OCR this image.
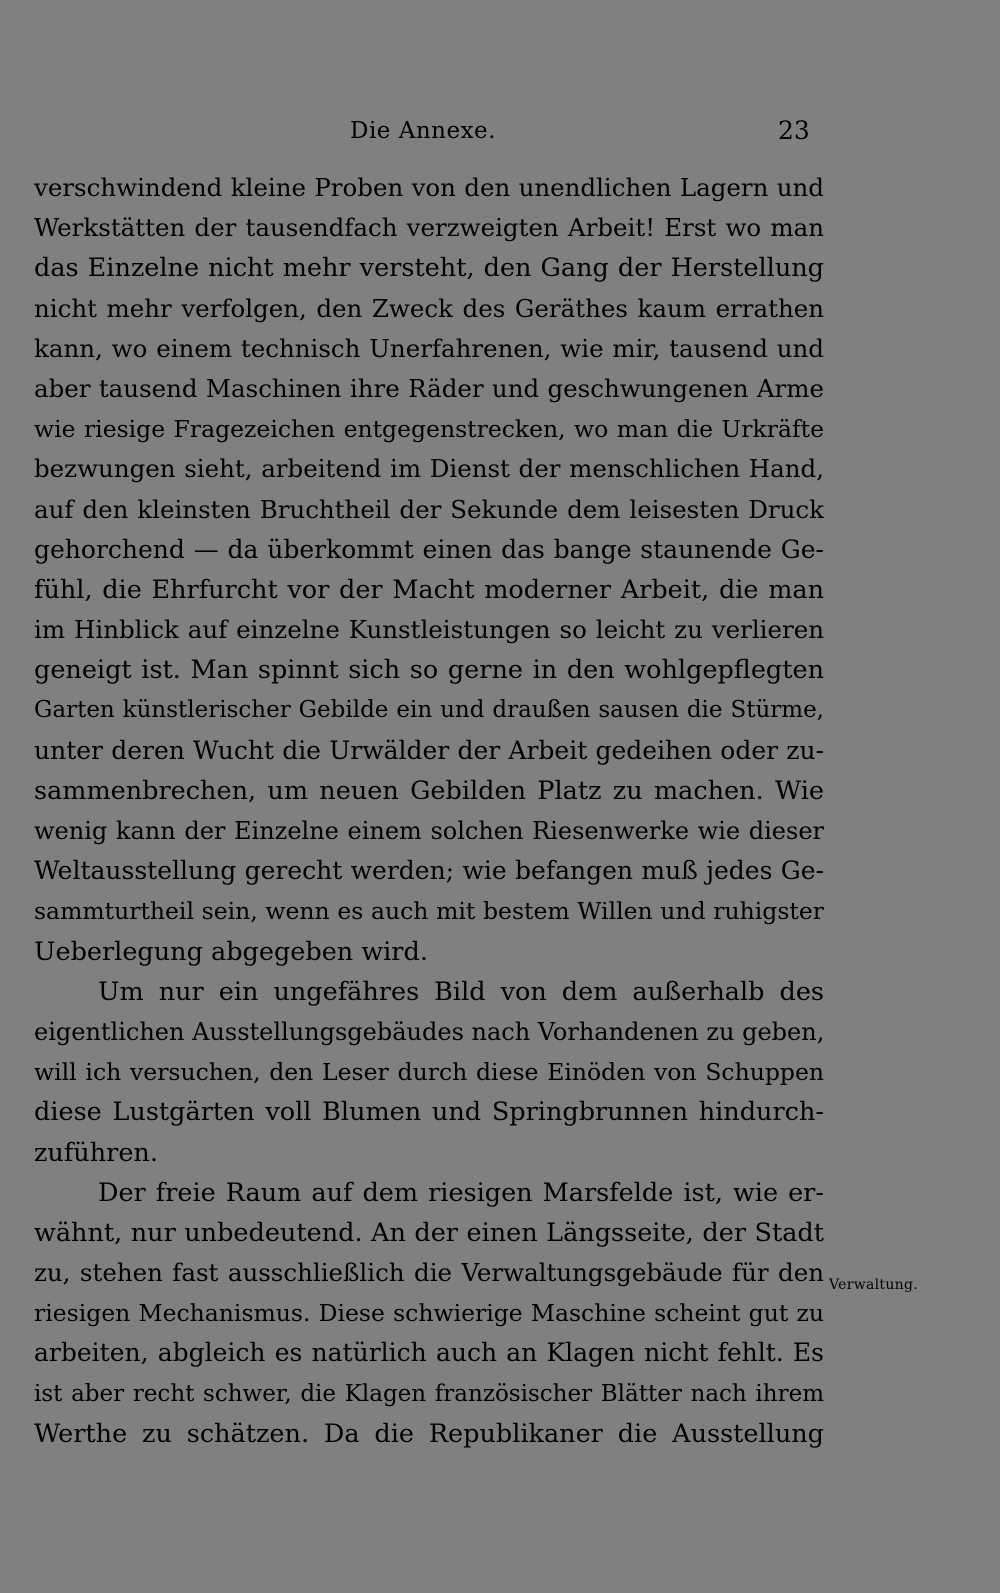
Die Annexe.	23
verschwindend kleine Proben von den unendlichen Lagern und
Werkstätten der tausendfach verzweigten Arbeit! Erst wo man
das Einzelne nicht mehr versteht, den Gang der Herstellung
nicht mehr verfolgen, den Zweck des Geräthes kaum errathen
kann, wo einem technisch Unerfahrenen, wie mir, tausend und
aber tausend Maschinen ihre Räder und geschwungenen Arme
wie riesige Fragezeichen entgegenstrecken, wo man die Urkräfte
bezwungen sieht, arbeitend im Dienst der menschlichen Hand,
auf den kleinsten Bruchtheil der Sekunde dem leisesten Druck
gehorchend — da überkommt einen das bange staunende Ge-
fühl, die Ehrfurcht vor der Macht moderner Arbeit, die man
im Hinblick auf einzelne Kunstleistungen so leicht zu verlieren
geneigt ist. Man spinnt sich so gerne in den wohlgepflegten
Garten künstlerischer Gebilde ein und draußen sausen die Stürme,
unter deren Wucht die Urwälder der Arbeit gedeihen oder zu-
sammenbrechen, um neuen Gebilden Platz zu machen. Wie
wenig kann der Einzelne einem solchen Riesenwerke wie dieser
Weltausstellung gerecht werden; wie befangen muß jedes Ge-
sammturtheil sein, wenn es auch mit bestem Willen und ruhigster
Ueberlegung abgegeben wird.
Um nur ein ungefähres Bild von dem außerhalb des
eigentlichen Ausstellungsgebäudes nach Vorhandenen zu geben,
will ich versuchen, den Leser durch diese Einöden von Schuppen
diese Lustgärten voll Blumen und Springbrunnen hindurch-
zuführen.
Der freie Raum auf dem riesigen Marsfelde ist, wie er-
wähnt, nur unbedeutend. An der einen Längsseite, der Stadt
zu, stehen fast ausschließlich die Verwaltungsgebäude für den
riesigen Mechanismus. Diese schwierige Maschine scheint gut zu
arbeiten, abgleich es natürlich auch an Klagen nicht fehlt. Es
ist aber recht schwer, die Klagen französischer Blätter nach ihrem
Werthe zu schätzen. Da die Republikaner die Ausstellung
Verwaltung.
